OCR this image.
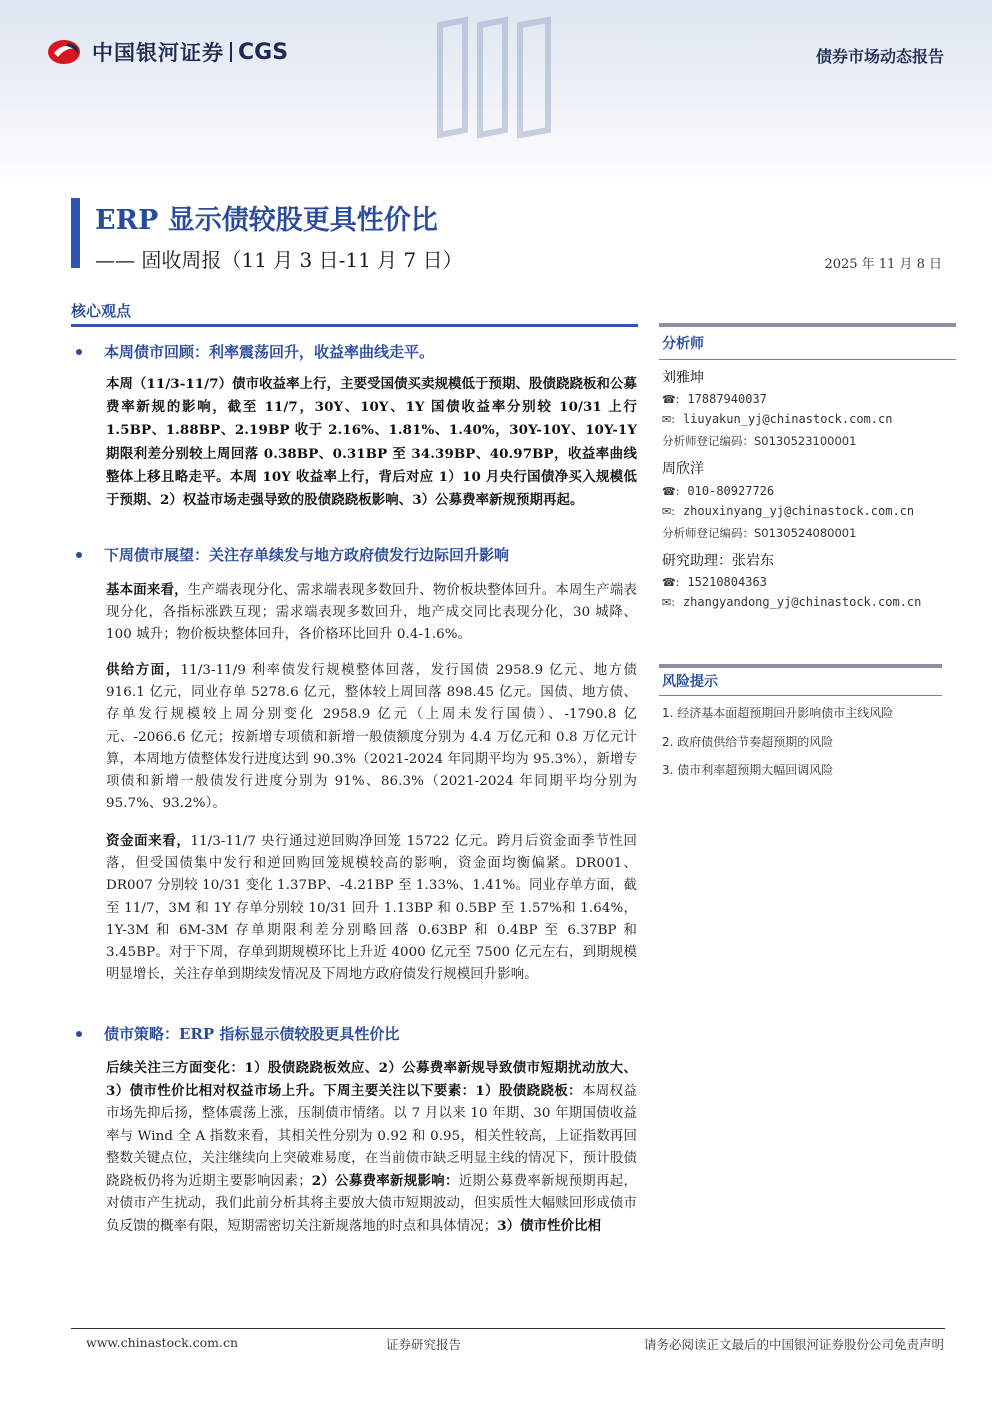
中国银河证券 CGS	债券市场动态报告
ERP 显示债较股更具性价比
—— 固收周报（11 月 3 日-11 月 7 日）	2025 年 11 月 8 日
核心观点
本周债市回顾：利率震荡回升，收益率曲线走平。
本周（11/3-11/7）债市收益率上行，主要受国债买卖规模低于预期、股债跷跷板和公募费率新规的影响，截至 11/7，30Y、10Y、1Y 国债收益率分别较 10/31 上行 1.5BP、1.88BP、2.19BP 收于 2.16%、1.81%、1.40%，30Y-10Y、10Y-1Y 期限利差分别较上周回落 0.38BP、0.31BP 至 34.39BP、40.97BP，收益率曲线整体上移且略走平。本周 10Y 收益率上行，背后对应 1）10 月央行国债净买入规模低于预期、2）权益市场走强导致的股债跷跷板影响、3）公募费率新规预期再起。
下周债市展望：关注存单续发与地方政府债发行边际回升影响
基本面来看，生产端表现分化、需求端表现多数回升、物价板块整体回升。本周生产端表现分化，各指标涨跌互现；需求端表现多数回升，地产成交同比表现分化，30 城降、100 城升；物价板块整体回升，各价格环比回升 0.4-1.6%。
供给方面，11/3-11/9 利率债发行规模整体回落，发行国债 2958.9 亿元、地方债 916.1 亿元，同业存单 5278.6 亿元，整体较上周回落 898.45 亿元。国债、地方债、存单发行规模较上周分别变化 2958.9 亿元（上周未发行国债）、-1790.8 亿元、-2066.6 亿元；按新增专项债和新增一般债额度分别为 4.4 万亿元和 0.8 万亿元计算，本周地方债整体发行进度达到 90.3%（2021-2024 年同期平均为 95.3%），新增专项债和新增一般债发行进度分别为 91%、86.3%（2021-2024 年同期平均分别为 95.7%、93.2%）。
资金面来看，11/3-11/7 央行通过逆回购净回笼 15722 亿元。跨月后资金面季节性回落，但受国债集中发行和逆回购回笼规模较高的影响，资金面均衡偏紧。DR001、DR007 分别较 10/31 变化 1.37BP、-4.21BP 至 1.33%、1.41%。同业存单方面，截至 11/7，3M 和 1Y 存单分别较 10/31 回升 1.13BP 和 0.5BP 至 1.57%和 1.64%，1Y-3M 和 6M-3M 存单期限利差分别略回落 0.63BP 和 0.4BP 至 6.37BP 和 3.45BP。对于下周，存单到期规模环比上升近 4000 亿元至 7500 亿元左右，到期规模明显增长，关注存单到期续发情况及下周地方政府债发行规模回升影响。
债市策略：ERP 指标显示债较股更具性价比
后续关注三方面变化：1）股债跷跷板效应、2）公募费率新规导致债市短期扰动放大、3）债市性价比相对权益市场上升。下周主要关注以下要素：1）股债跷跷板：本周权益市场先抑后扬，整体震荡上涨，压制债市情绪。以 7 月以来 10 年期、30 年期国债收益率与 Wind 全 A 指数来看，其相关性分别为 0.92 和 0.95，相关性较高，上证指数再回整数关键点位，关注继续向上突破难易度，在当前债市缺乏明显主线的情况下，预计股债跷跷板仍将为近期主要影响因素；2）公募费率新规影响：近期公募费率新规预期再起，对债市产生扰动，我们此前分析其将主要放大债市短期波动，但实质性大幅赎回形成债市负反馈的概率有限，短期需密切关注新规落地的时点和具体情况；3）债市性价比相
分析师
刘雅坤
☎: 17887940037
✉: liuyakun_yj@chinastock.com.cn
分析师登记编码：S0130523100001
周欣洋
☎: 010-80927726
✉: zhouxinyang_yj@chinastock.com.cn
分析师登记编码：S0130524080001
研究助理：张岩东
☎: 15210804363
✉: zhangyandong_yj@chinastock.com.cn
风险提示
1. 经济基本面超预期回升影响债市主线风险
2. 政府债供给节奏超预期的风险
3. 债市利率超预期大幅回调风险
www.chinastock.com.cn	证券研究报告	请务必阅读正文最后的中国银河证券股份公司免责声明
